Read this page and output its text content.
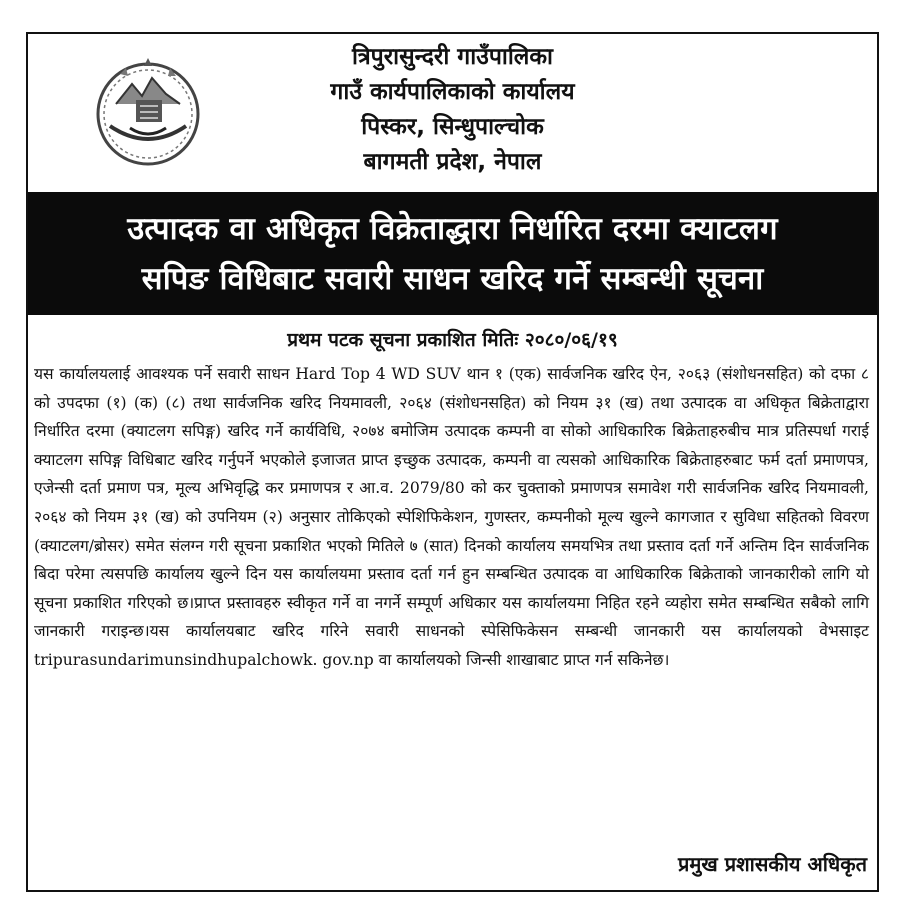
त्रिपुरासुन्दरी गाउँपालिका
गाउँ कार्यपालिकाको कार्यालय
पिस्कर, सिन्धुपाल्चोक
बागमती प्रदेश, नेपाल
उत्पादक वा अधिकृत विक्रेताद्धारा निर्धारित दरमा क्याटलग
सपिङ विधिबाट सवारी साधन खरिद गर्ने सम्बन्धी सूचना
प्रथम पटक सूचना प्रकाशित मितिः २०८०/०६/१९
यस कार्यालयलाई आवश्यक पर्ने सवारी साधन Hard Top 4 WD SUV थान १ (एक) सार्वजनिक खरिद ऐन, २०६३ (संशोधनसहित) को दफा ८ को उपदफा (१) (क) (८) तथा सार्वजनिक खरिद नियमावली, २०६४ (संशोधनसहित) को नियम ३१ (ख) तथा उत्पादक वा अधिकृत बिक्रेताद्वारा निर्धारित दरमा (क्याटलग सपिङ्ग) खरिद गर्ने कार्यविधि, २०७४ बमोजिम उत्पादक कम्पनी वा सोको आधिकारिक बिक्रेताहरुबीच मात्र प्रतिस्पर्धा गराई क्याटलग सपिङ्ग विधिबाट खरिद गर्नुपर्ने भएकोले इजाजत प्राप्त इच्छुक उत्पादक, कम्पनी वा त्यसको आधिकारिक बिक्रेताहरुबाट फर्म दर्ता प्रमाणपत्र, एजेन्सी दर्ता प्रमाण पत्र, मूल्य अभिवृद्धि कर प्रमाणपत्र र आ.व. 2079/80 को कर चुक्ताको प्रमाणपत्र समावेश गरी सार्वजनिक खरिद नियमावली, २०६४ को नियम ३१ (ख) को उपनियम (२) अनुसार तोकिएको स्पेशिफिकेशन, गुणस्तर, कम्पनीको मूल्य खुल्ने कागजात र सुविधा सहितको विवरण (क्याटलग/ब्रोसर) समेत संलग्न गरी सूचना प्रकाशित भएको मितिले ७ (सात) दिनको कार्यालय समयभित्र तथा प्रस्ताव दर्ता गर्ने अन्तिम दिन सार्वजनिक बिदा परेमा त्यसपछि कार्यालय खुल्ने दिन यस कार्यालयमा प्रस्ताव दर्ता गर्न हुन सम्बन्धित उत्पादक वा आधिकारिक बिक्रेताको जानकारीको लागि यो सूचना प्रकाशित गरिएको छ।प्राप्त प्रस्तावहरु स्वीकृत गर्ने वा नगर्ने सम्पूर्ण अधिकार यस कार्यालयमा निहित रहने व्यहोरा समेत सम्बन्धित सबैको लागि जानकारी गराइन्छ।यस कार्यालयबाट खरिद गरिने सवारी साधनको स्पेसिफिकेसन सम्बन्धी जानकारी यस कार्यालयको वेभसाइट tripurasundarimunsindhupalchowk. gov.np वा कार्यालयको जिन्सी शाखाबाट प्राप्त गर्न सकिनेछ।
प्रमुख प्रशासकीय अधिकृत
